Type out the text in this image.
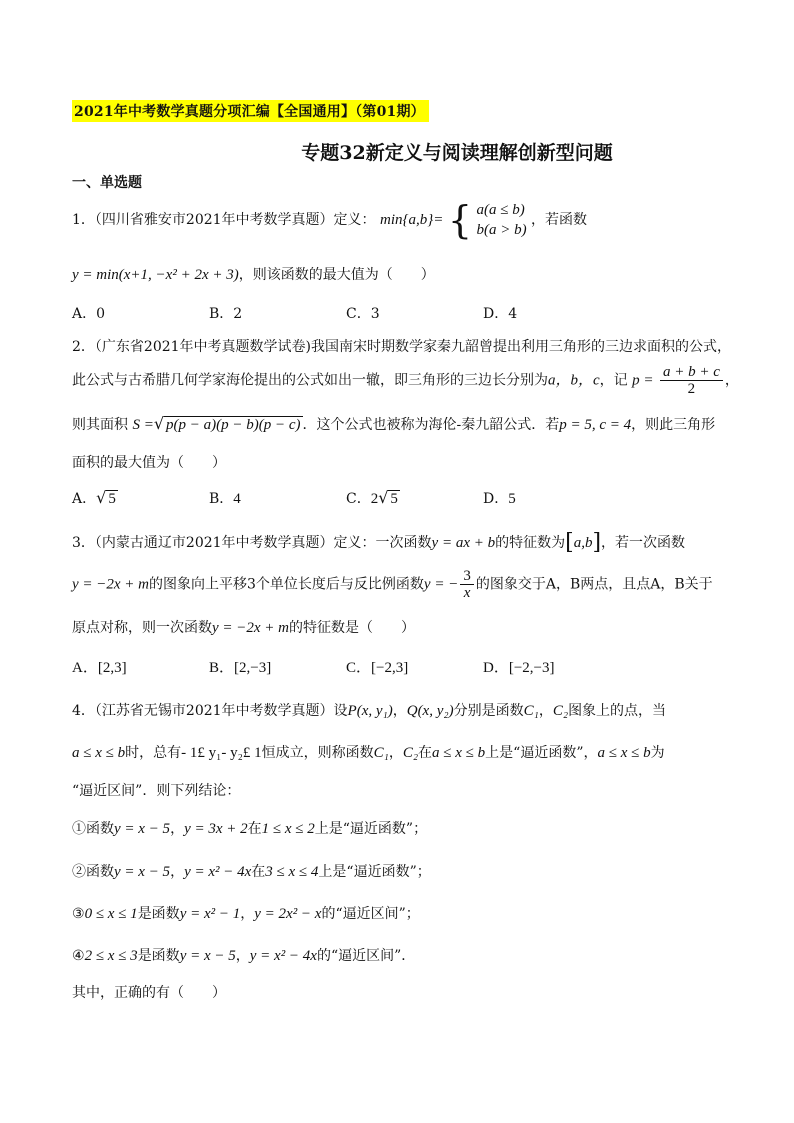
2021年中考数学真题分项汇编【全国通用】（第01期）
专题32新定义与阅读理解创新型问题
一、单选题
1．（四川省雅安市2021年中考数学真题）定义： min{a,b}= { a(a ≤ b)
b(a > b)
，若函数
y = min(x+1, −x² + 2x + 3)，则该函数的最大值为（　　）
A．0	B．2	C．3	D．4
2．（广东省2021年中考真题数学试卷)我国南宋时期数学家秦九韶曾提出利用三角形的三边求面积的公式，
此公式与古希腊几何学家海伦提出的公式如出一辙，即三角形的三边长分别为a，b，c，记 $p = \frac{a + b + c}{2}$ ，
则其面积 S =√ p(p − a)(p − b)(p − c) ．这个公式也被称为海伦-秦九韶公式．若p = 5, c = 4，则此三角形
面积的最大值为（　　）
A．√ 5	B．4	C．2√ 5	D．5
3．（内蒙古通辽市2021年中考数学真题）定义：一次函数y = ax + b的特征数为[a,b]，若一次函数
y = −2x + m的图象向上平移3个单位长度后与反比例函数y = − $\frac{3}{x}$ 的图象交于A，B两点，且点A，B关于
原点对称，则一次函数y = −2x + m的特征数是（　　）
A．[2,3]	B．[2,−3]	C．[−2,3]	D．[−2,−3]
4．（江苏省无锡市2021年中考数学真题）设P(x, y₁)，Q(x, y₂)分别是函数C₁，C₂图象上的点，当
a ≤ x ≤ b时，总有- 1£ y₁- y₂£ 1恒成立，则称函数C₁，C₂在a ≤ x ≤ b上是“逼近函数”，a ≤ x ≤ b为
“逼近区间”．则下列结论：
①函数y = x − 5，y = 3x + 2在1 ≤ x ≤ 2上是“逼近函数”；
②函数y = x − 5，y = x² − 4x在3 ≤ x ≤ 4上是“逼近函数”；
③0 ≤ x ≤ 1是函数y = x² − 1，y = 2x² − x的“逼近区间”；
④2 ≤ x ≤ 3是函数y = x − 5，y = x² − 4x的“逼近区间”．
其中，正确的有（　　）
